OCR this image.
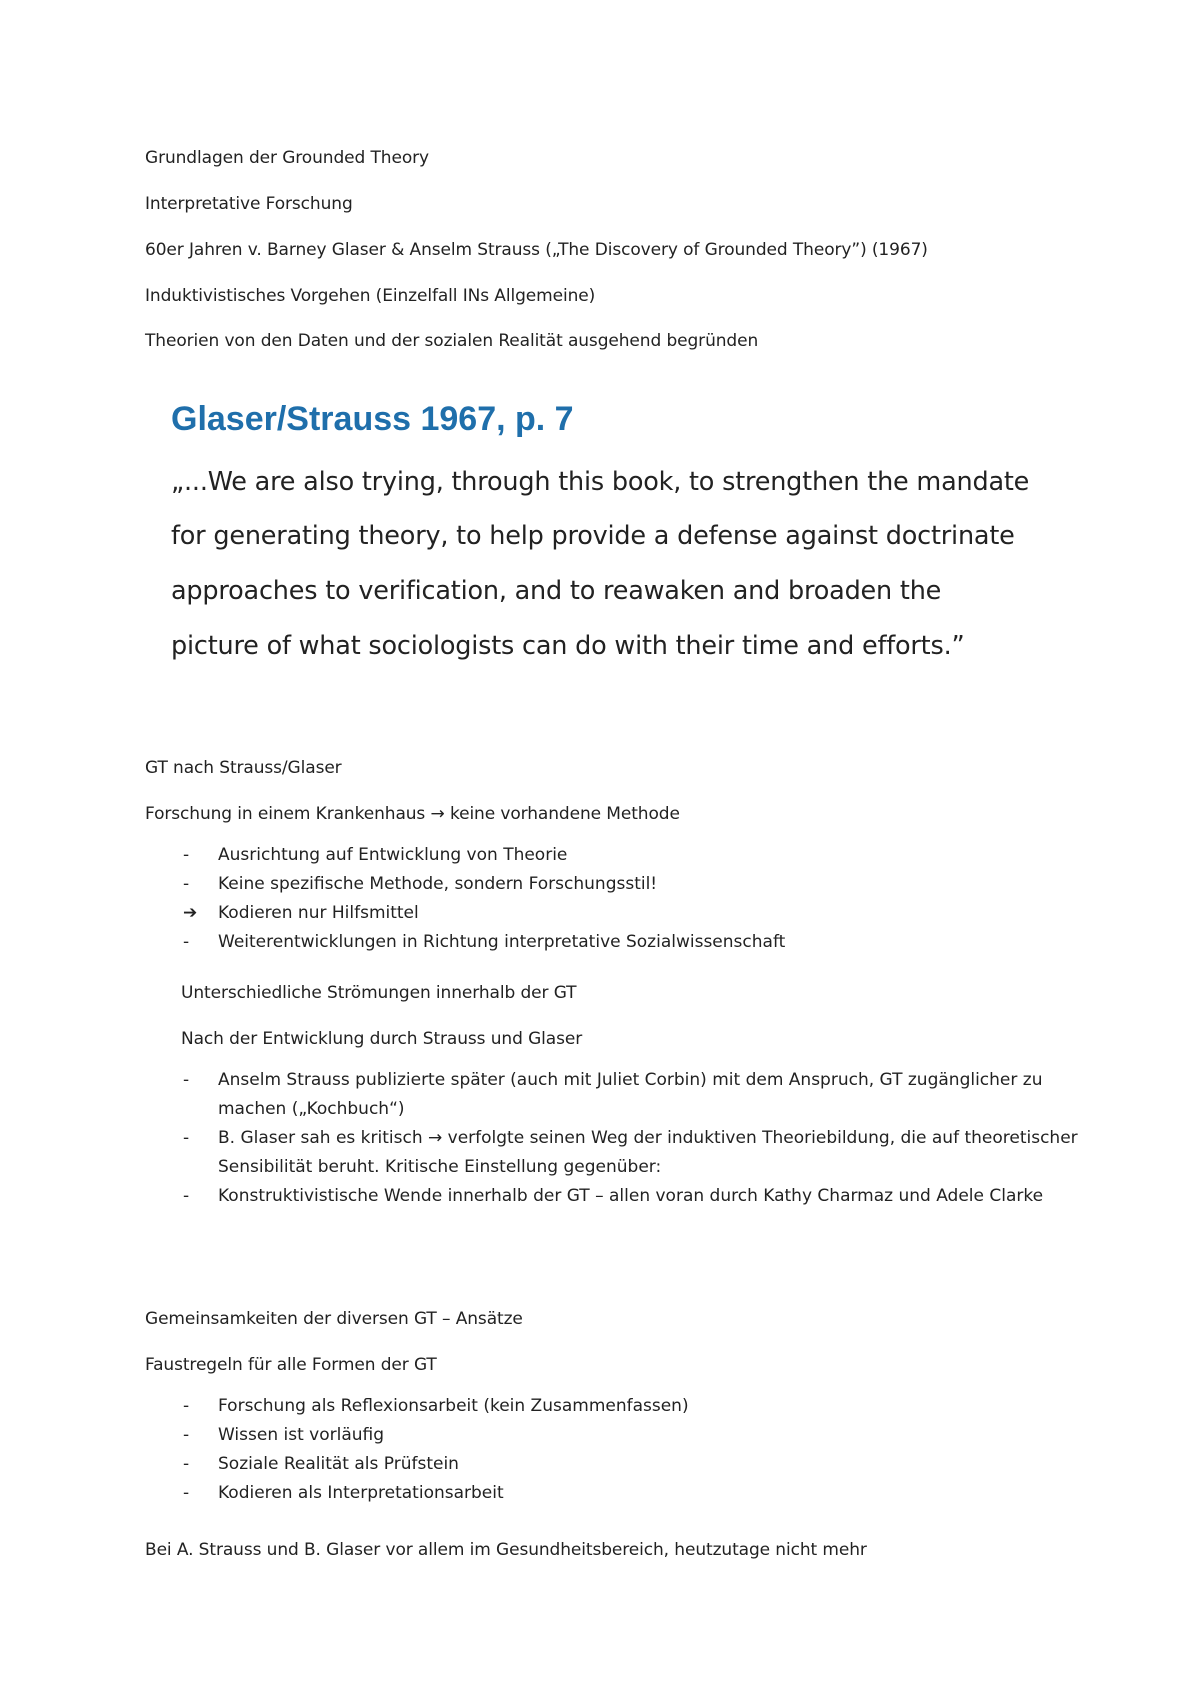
Grundlagen der Grounded Theory
Interpretative Forschung
60er Jahren v. Barney Glaser & Anselm Strauss („The Discovery of Grounded Theory”) (1967)
Induktivistisches Vorgehen (Einzelfall INs Allgemeine)
Theorien von den Daten und der sozialen Realität ausgehend begründen
Glaser/Strauss 1967, p. 7
„...We are also trying, through this book, to strengthen the mandate
for generating theory, to help provide a defense against doctrinate
approaches to verification, and to reawaken and broaden the
picture of what sociologists can do with their time and efforts.”
GT nach Strauss/Glaser
Forschung in einem Krankenhaus → keine vorhandene Methode
-	Ausrichtung auf Entwicklung von Theorie
-	Keine spezifische Methode, sondern Forschungsstil!
➔	Kodieren nur Hilfsmittel
-	Weiterentwicklungen in Richtung interpretative Sozialwissenschaft
Unterschiedliche Strömungen innerhalb der GT
Nach der Entwicklung durch Strauss und Glaser
-	Anselm Strauss publizierte später (auch mit Juliet Corbin) mit dem Anspruch, GT zugänglicher zu machen („Kochbuch“)
-	B. Glaser sah es kritisch → verfolgte seinen Weg der induktiven Theoriebildung, die auf theoretischer Sensibilität beruht. Kritische Einstellung gegenüber:
-	Konstruktivistische Wende innerhalb der GT – allen voran durch Kathy Charmaz und Adele Clarke
Gemeinsamkeiten der diversen GT – Ansätze
Faustregeln für alle Formen der GT
-	Forschung als Reflexionsarbeit (kein Zusammenfassen)
-	Wissen ist vorläufig
-	Soziale Realität als Prüfstein
-	Kodieren als Interpretationsarbeit
Bei A. Strauss und B. Glaser vor allem im Gesundheitsbereich, heutzutage nicht mehr
